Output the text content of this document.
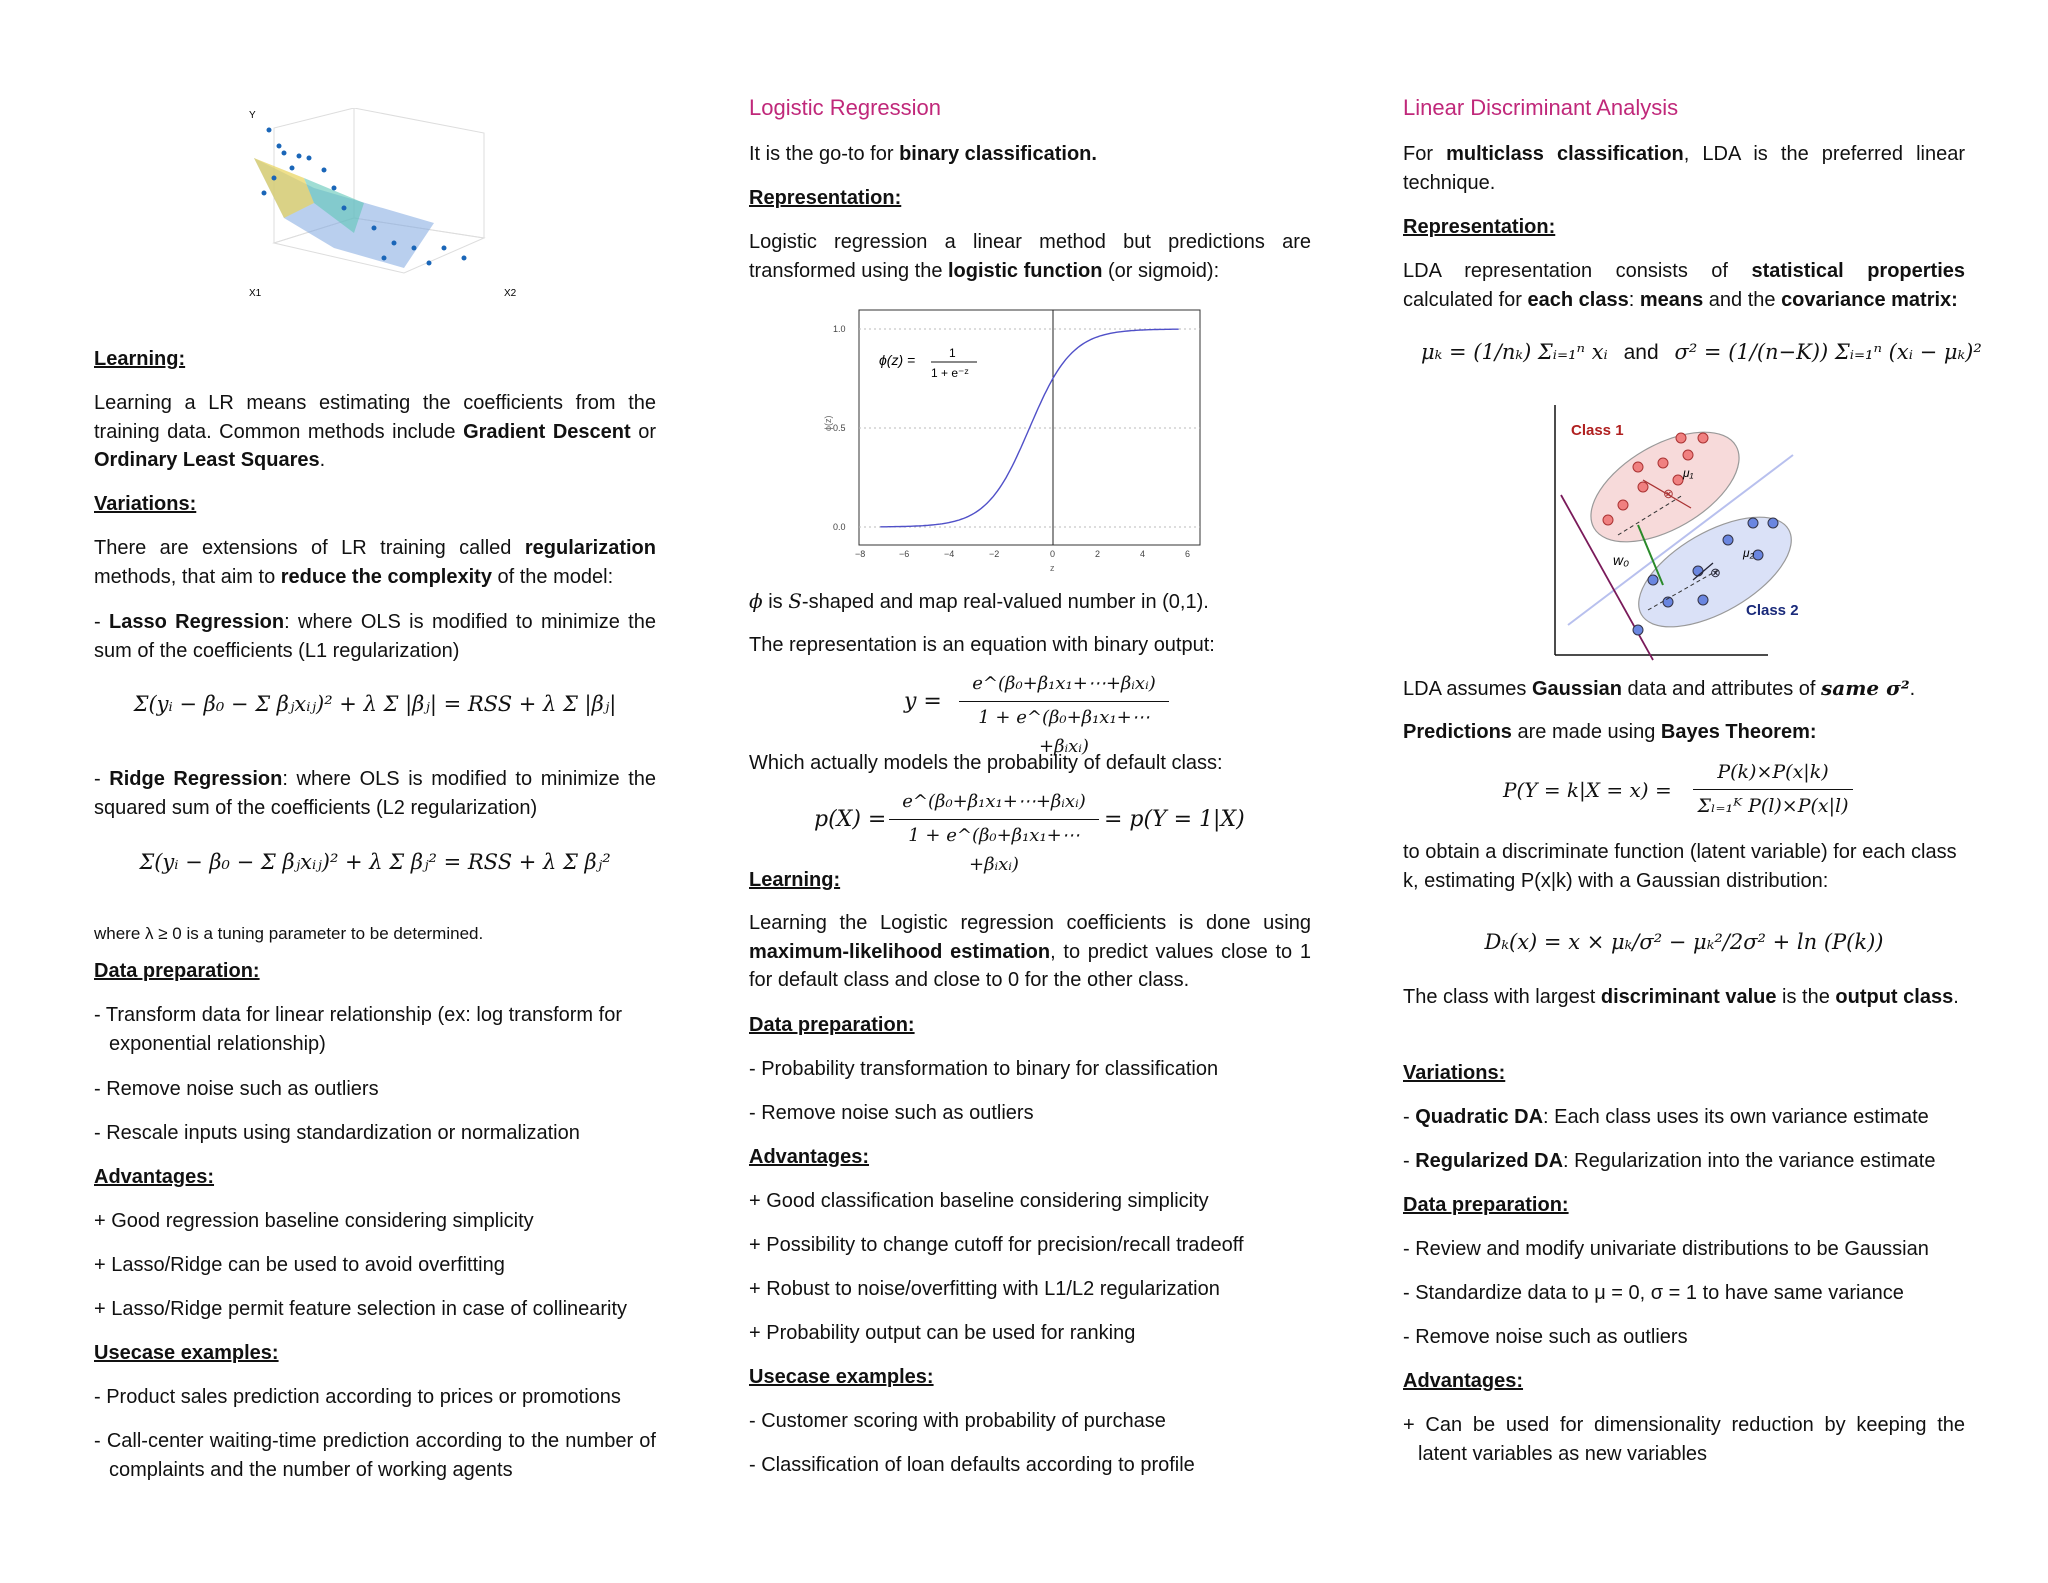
Y
X1	X2
Learning:
Learning a LR means estimating the coefficients from the training data. Common methods include Gradient Descent or Ordinary Least Squares.
Variations:
There are extensions of LR training called regularization methods, that aim to reduce the complexity of the model:
- Lasso Regression: where OLS is modified to minimize the sum of the coefficients (L1 regularization)
Σ(yᵢ − β₀ − Σ βⱼxᵢⱼ)² + λ Σ |βⱼ| = RSS + λ Σ |βⱼ|
- Ridge Regression: where OLS is modified to minimize the squared sum of the coefficients (L2 regularization)
Σ(yᵢ − β₀ − Σ βⱼxᵢⱼ)² + λ Σ βⱼ² = RSS + λ Σ βⱼ²
where λ ≥ 0 is a tuning parameter to be determined.
Data preparation:
- Transform data for linear relationship (ex: log transform for exponential relationship)
- Remove noise such as outliers
- Rescale inputs using standardization or normalization
Advantages:
+ Good regression baseline considering simplicity
+ Lasso/Ridge can be used to avoid overfitting
+ Lasso/Ridge permit feature selection in case of collinearity
Usecase examples:
- Product sales prediction according to prices or promotions
- Call-center waiting-time prediction according to the number of complaints and the number of working agents
Logistic Regression
It is the go-to for binary classification.
Representation:
Logistic regression a linear method but predictions are transformed using the logistic function (or sigmoid):
1.0
0.5
0.0
−8	−6	−4	−2	0	2	4	6
ϕ(z)
z
ϕ(z) =	1
1 + e⁻ᶻ
ϕ is S-shaped and map real-valued number in (0,1).
The representation is an equation with binary output:
y =
e^(β₀+β₁x₁+⋯+βᵢxᵢ)
1 + e^(β₀+β₁x₁+⋯+βᵢxᵢ)
Which actually models the probability of default class:
p(X) =
e^(β₀+β₁x₁+⋯+βᵢxᵢ)
1 + e^(β₀+β₁x₁+⋯+βᵢxᵢ)
= p(Y = 1|X)
Learning:
Learning the Logistic regression coefficients is done using maximum-likelihood estimation, to predict values close to 1 for default class and close to 0 for the other class.
Data preparation:
- Probability transformation to binary for classification
- Remove noise such as outliers
Advantages:
+ Good classification baseline considering simplicity
+ Possibility to change cutoff for precision/recall tradeoff
+ Robust to noise/overfitting with L1/L2 regularization
+ Probability output can be used for ranking
Usecase examples:
- Customer scoring with probability of purchase
- Classification of loan defaults according to profile
Linear Discriminant Analysis
For multiclass classification, LDA is the preferred linear technique.
Representation:
LDA representation consists of statistical properties calculated for each class: means and the covariance matrix:
μₖ = (1/nₖ) Σᵢ₌₁ⁿ xᵢ and σ² = (1/(n−K)) Σᵢ₌₁ⁿ (xᵢ − μₖ)²
⊗
⊗
Class 1
Class 2
μ₁
μ₂
w₀
LDA assumes Gaussian data and attributes of same σ².
Predictions are made using Bayes Theorem:
P(Y = k|X = x) =
P(k)×P(x|k)
Σₗ₌₁ᴷ P(l)×P(x|l)
to obtain a discriminate function (latent variable) for each class k, estimating P(x|k) with a Gaussian distribution:
Dₖ(x) = x × μₖ/σ² − μₖ²/2σ² + ln (P(k))
The class with largest discriminant value is the output class.
Variations:
- Quadratic DA: Each class uses its own variance estimate
- Regularized DA: Regularization into the variance estimate
Data preparation:
- Review and modify univariate distributions to be Gaussian
- Standardize data to μ = 0, σ = 1 to have same variance
- Remove noise such as outliers
Advantages:
+ Can be used for dimensionality reduction by keeping the latent variables as new variables
